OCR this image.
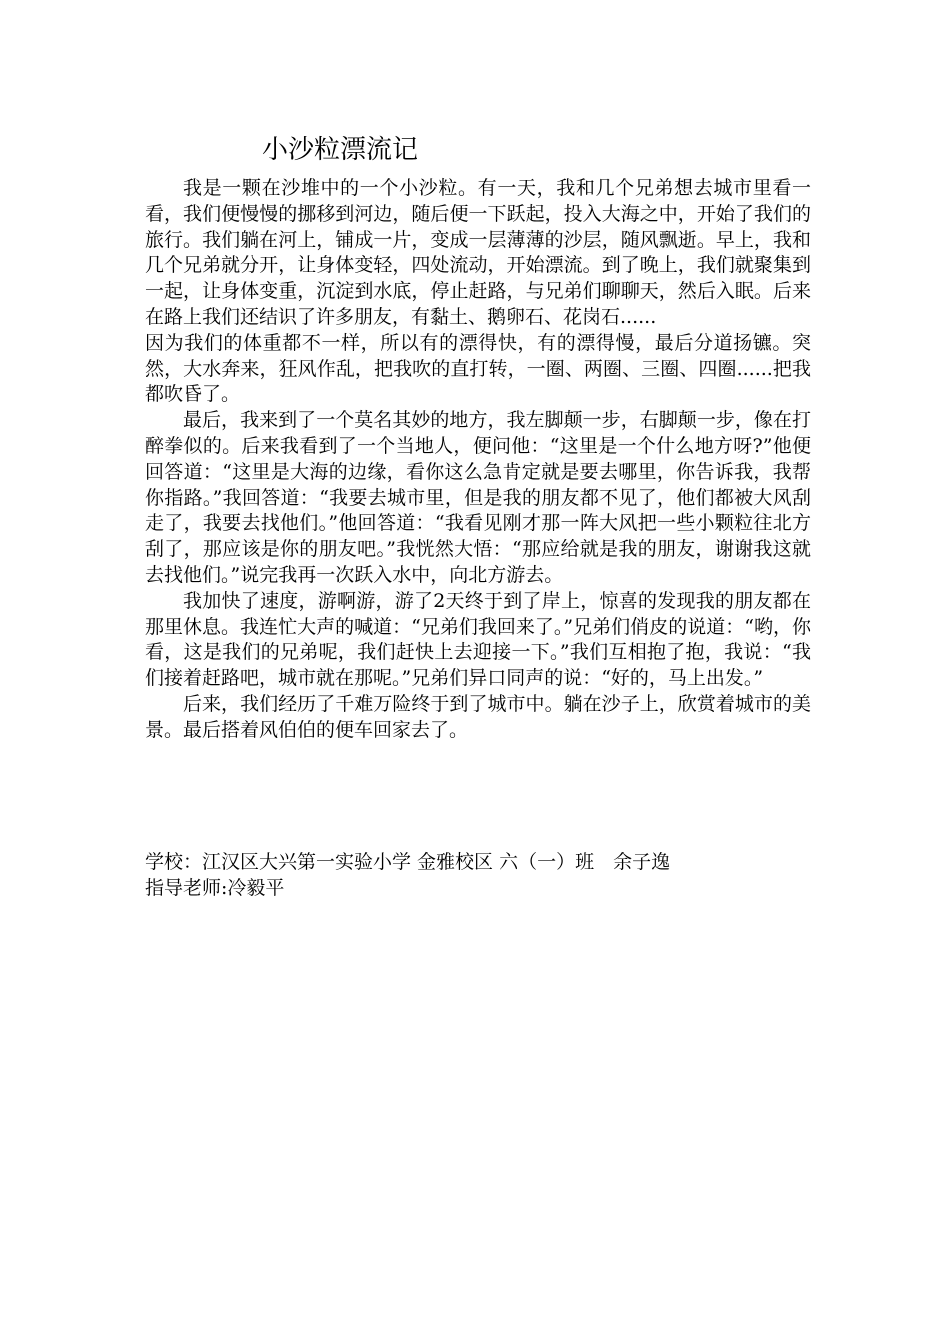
小沙粒漂流记

我是一颗在沙堆中的一个小沙粒。有一天，我和几个兄弟想去城市里看一看，我们便慢慢的挪移到河边，随后便一下跃起，投入大海之中，开始了我们的旅行。我们躺在河上，铺成一片，变成一层薄薄的沙层，随风飘逝。早上，我和几个兄弟就分开，让身体变轻，四处流动，开始漂流。到了晚上，我们就聚集到一起，让身体变重，沉淀到水底，停止赶路，与兄弟们聊聊天，然后入眠。后来在路上我们还结识了许多朋友，有黏土、鹅卵石、花岗石......

因为我们的体重都不一样，所以有的漂得快，有的漂得慢，最后分道扬镳。突然，大水奔来，狂风作乱，把我吹的直打转，一圈、两圈、三圈、四圈......把我都吹昏了。

最后，我来到了一个莫名其妙的地方，我左脚颠一步，右脚颠一步，像在打醉拳似的。后来我看到了一个当地人，便问他：“这里是一个什么地方呀?”他便回答道：“这里是大海的边缘，看你这么急肯定就是要去哪里，你告诉我，我帮你指路。”我回答道：“我要去城市里，但是我的朋友都不见了，他们都被大风刮走了，我要去找他们。”他回答道：“我看见刚才那一阵大风把一些小颗粒往北方刮了，那应该是你的朋友吧。”我恍然大悟：“那应给就是我的朋友，谢谢我这就去找他们。”说完我再一次跃入水中，向北方游去。

我加快了速度，游啊游，游了2天终于到了岸上，惊喜的发现我的朋友都在那里休息。我连忙大声的喊道：“兄弟们我回来了。”兄弟们俏皮的说道：“哟，你看，这是我们的兄弟呢，我们赶快上去迎接一下。”我们互相抱了抱，我说：“我们接着赶路吧，城市就在那呢。”兄弟们异口同声的说：“好的，马上出发。”

后来，我们经历了千难万险终于到了城市中。躺在沙子上，欣赏着城市的美景。最后搭着风伯伯的便车回家去了。

学校：江汉区大兴第一实验小学 金雅校区 六（一）班　余子逸
指导老师:冷毅平
